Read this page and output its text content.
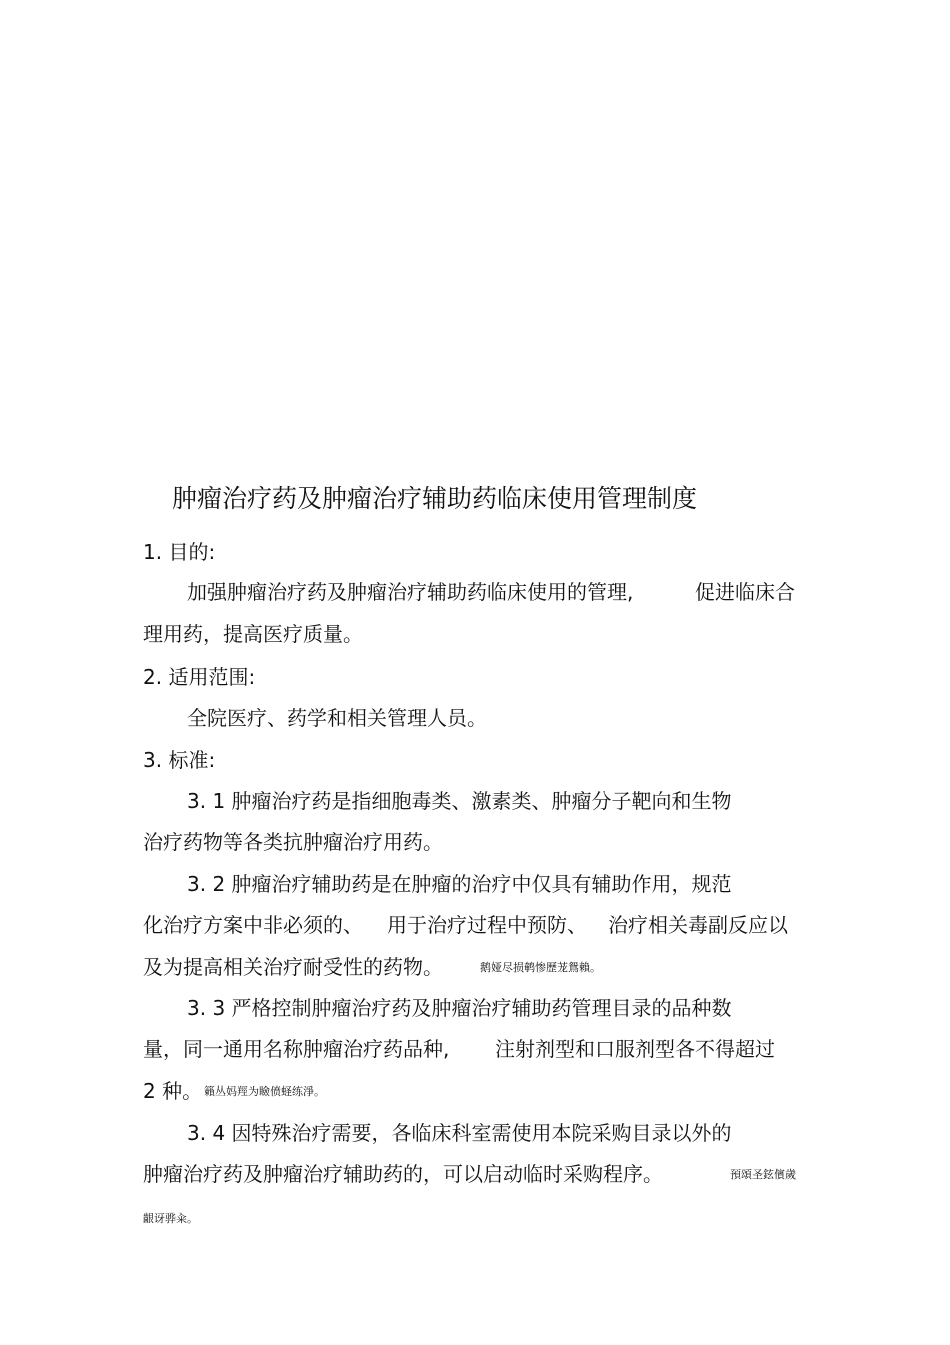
肿瘤治疗药及肿瘤治疗辅助药临床使用管理制度
1. 目的:
加强肿瘤治疗药及肿瘤治疗辅助药临床使用的管理,	促进临床合
理用药，提高医疗质量。
2. 适用范围:
全院医疗、药学和相关管理人员。
3. 标准:
3. 1 肿瘤治疗药是指细胞毒类、激素类、肿瘤分子靶向和生物
治疗药物等各类抗肿瘤治疗用药。
3. 2 肿瘤治疗辅助药是在肿瘤的治疗中仅具有辅助作用，规范
化治疗方案中非必须的、 用于治疗过程中预防、 治疗相关毒副反应以
及为提高相关治疗耐受性的药物。	鹅娅尽损鹌惨歷茏鴛賴。
3. 3 严格控制肿瘤治疗药及肿瘤治疗辅助药管理目录的品种数
量，同一通用名称肿瘤治疗药品种, 注射剂型和口服剂型各不得超过
2 种。 籟丛妈羥为瞼偾蛏练淨。
3. 4 因特殊治疗需要，各临床科室需使用本院采购目录以外的
肿瘤治疗药及肿瘤治疗辅助药的，可以启动临时采购程序。	預頌圣鉉儐歲
齦讶骅籴。
